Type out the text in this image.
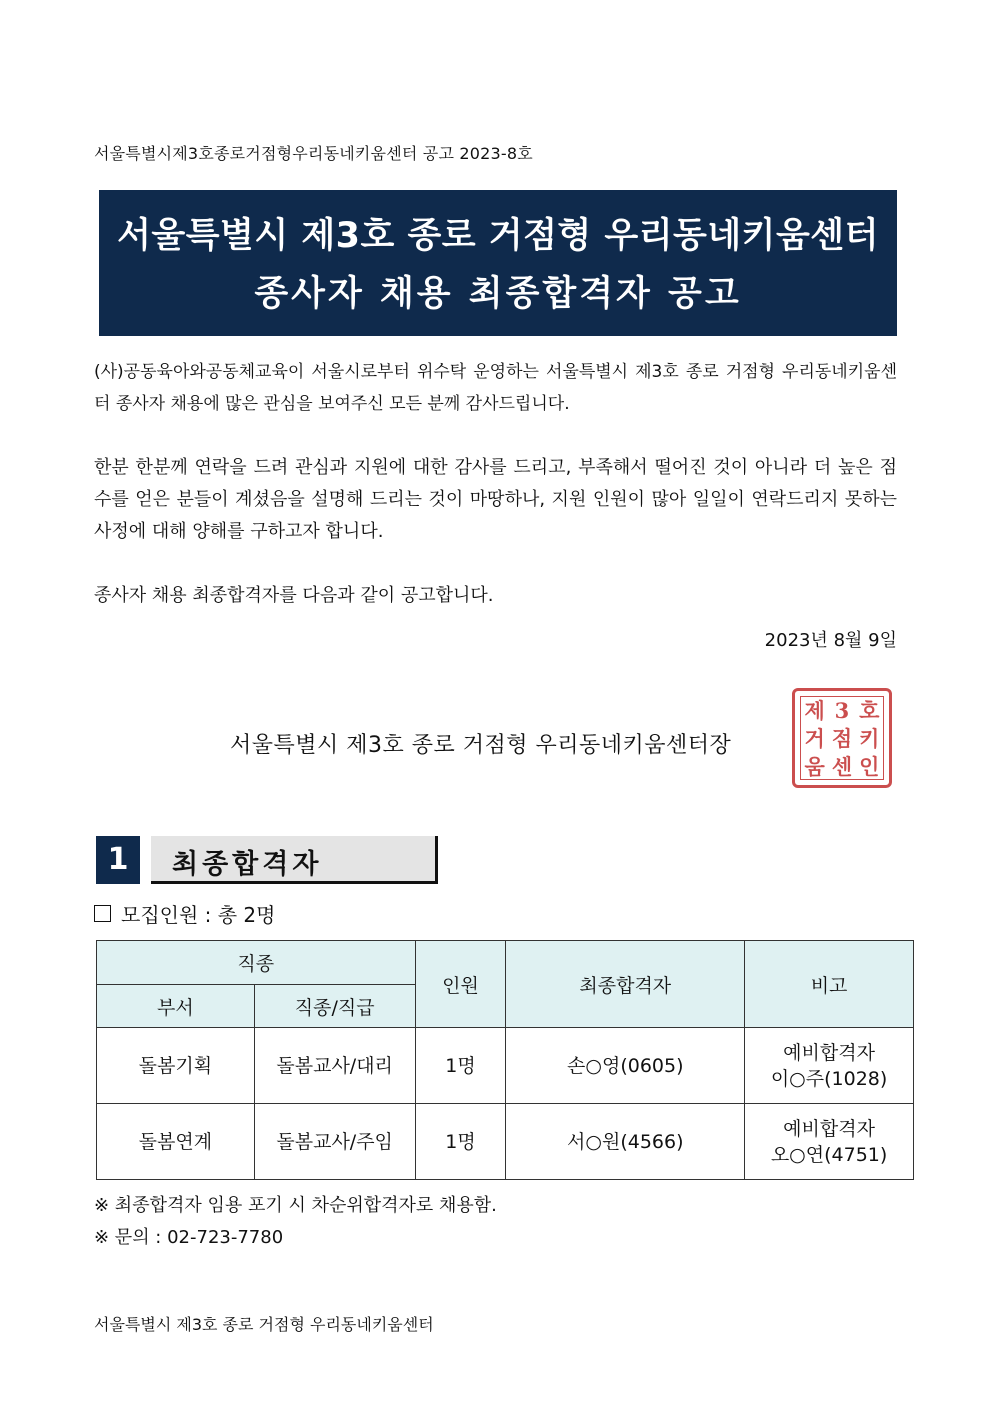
서울특별시제3호종로거점형우리동네키움센터 공고 2023-8호
서울특별시 제3호 종로 거점형 우리동네키움센터
종사자 채용 최종합격자 공고
(사)공동육아와공동체교육이 서울시로부터 위수탁 운영하는 서울특별시 제3호 종로 거점형 우리동네키움센터 종사자 채용에 많은 관심을 보여주신 모든 분께 감사드립니다.
한분 한분께 연락을 드려 관심과 지원에 대한 감사를 드리고, 부족해서 떨어진 것이 아니라 더 높은 점수를 얻은 분들이 계셨음을 설명해 드리는 것이 마땅하나, 지원 인원이 많아 일일이 연락드리지 못하는 사정에 대해 양해를 구하고자 합니다.
종사자 채용 최종합격자를 다음과 같이 공고합니다.
2023년 8월 9일
제 3 호
거 점 키
움 센 인
서울특별시 제3호 종로 거점형 우리동네키움센터장
1	최종합격자
모집인원 : 총 2명
직종		인원	최종합격자	비고
부서	직종/직급			
돌봄기획	돌봄교사/대리	1명	손○영(0605)	예비합격자
이○주(1028)

돌봄연계	돌봄교사/주임	1명	서○원(4566)	예비합격자
오○연(4751)
※ 최종합격자 임용 포기 시 차순위합격자로 채용함.
※ 문의 : 02-723-7780
서울특별시 제3호 종로 거점형 우리동네키움센터
